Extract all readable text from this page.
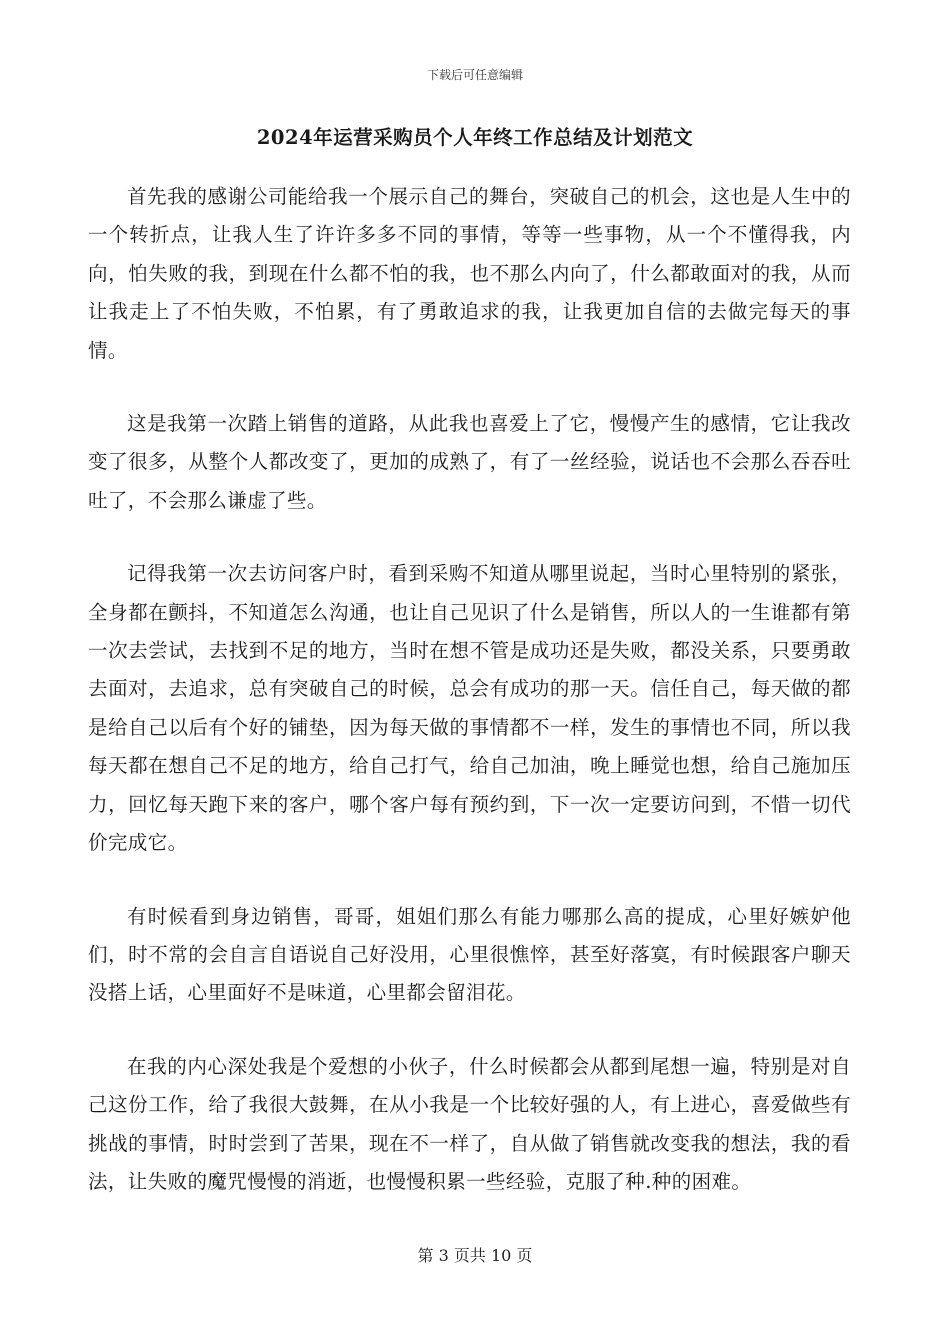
下载后可任意编辑
2024年运营采购员个人年终工作总结及计划范文

首先我的感谢公司能给我一个展示自己的舞台，突破自己的机会，这也是人生中的一个转折点，让我人生了许许多多不同的事情，等等一些事物，从一个不懂得我，内向，怕失败的我，到现在什么都不怕的我，也不那么内向了，什么都敢面对的我，从而让我走上了不怕失败，不怕累，有了勇敢追求的我，让我更加自信的去做完每天的事情。

这是我第一次踏上销售的道路，从此我也喜爱上了它，慢慢产生的感情，它让我改变了很多，从整个人都改变了，更加的成熟了，有了一丝经验，说话也不会那么吞吞吐吐了，不会那么谦虚了些。

记得我第一次去访问客户时，看到采购不知道从哪里说起，当时心里特别的紧张，全身都在颤抖，不知道怎么沟通，也让自己见识了什么是销售，所以人的一生谁都有第一次去尝试，去找到不足的地方，当时在想不管是成功还是失败，都没关系，只要勇敢去面对，去追求，总有突破自己的时候，总会有成功的那一天。信任自己，每天做的都是给自己以后有个好的铺垫，因为每天做的事情都不一样，发生的事情也不同，所以我每天都在想自己不足的地方，给自己打气，给自己加油，晚上睡觉也想，给自己施加压力，回忆每天跑下来的客户，哪个客户每有预约到，下一次一定要访问到，不惜一切代价完成它。

有时候看到身边销售，哥哥，姐姐们那么有能力哪那么高的提成，心里好嫉妒他们，时不常的会自言自语说自己好没用，心里很憔悴，甚至好落寞，有时候跟客户聊天没搭上话，心里面好不是味道，心里都会留泪花。

在我的内心深处我是个爱想的小伙子，什么时候都会从都到尾想一遍，特别是对自己这份工作，给了我很大鼓舞，在从小我是一个比较好强的人，有上进心，喜爱做些有挑战的事情，时时尝到了苦果，现在不一样了，自从做了销售就改变我的想法，我的看法，让失败的魔咒慢慢的消逝，也慢慢积累一些经验，克服了种.种的困难。

第 3 页共 10 页
